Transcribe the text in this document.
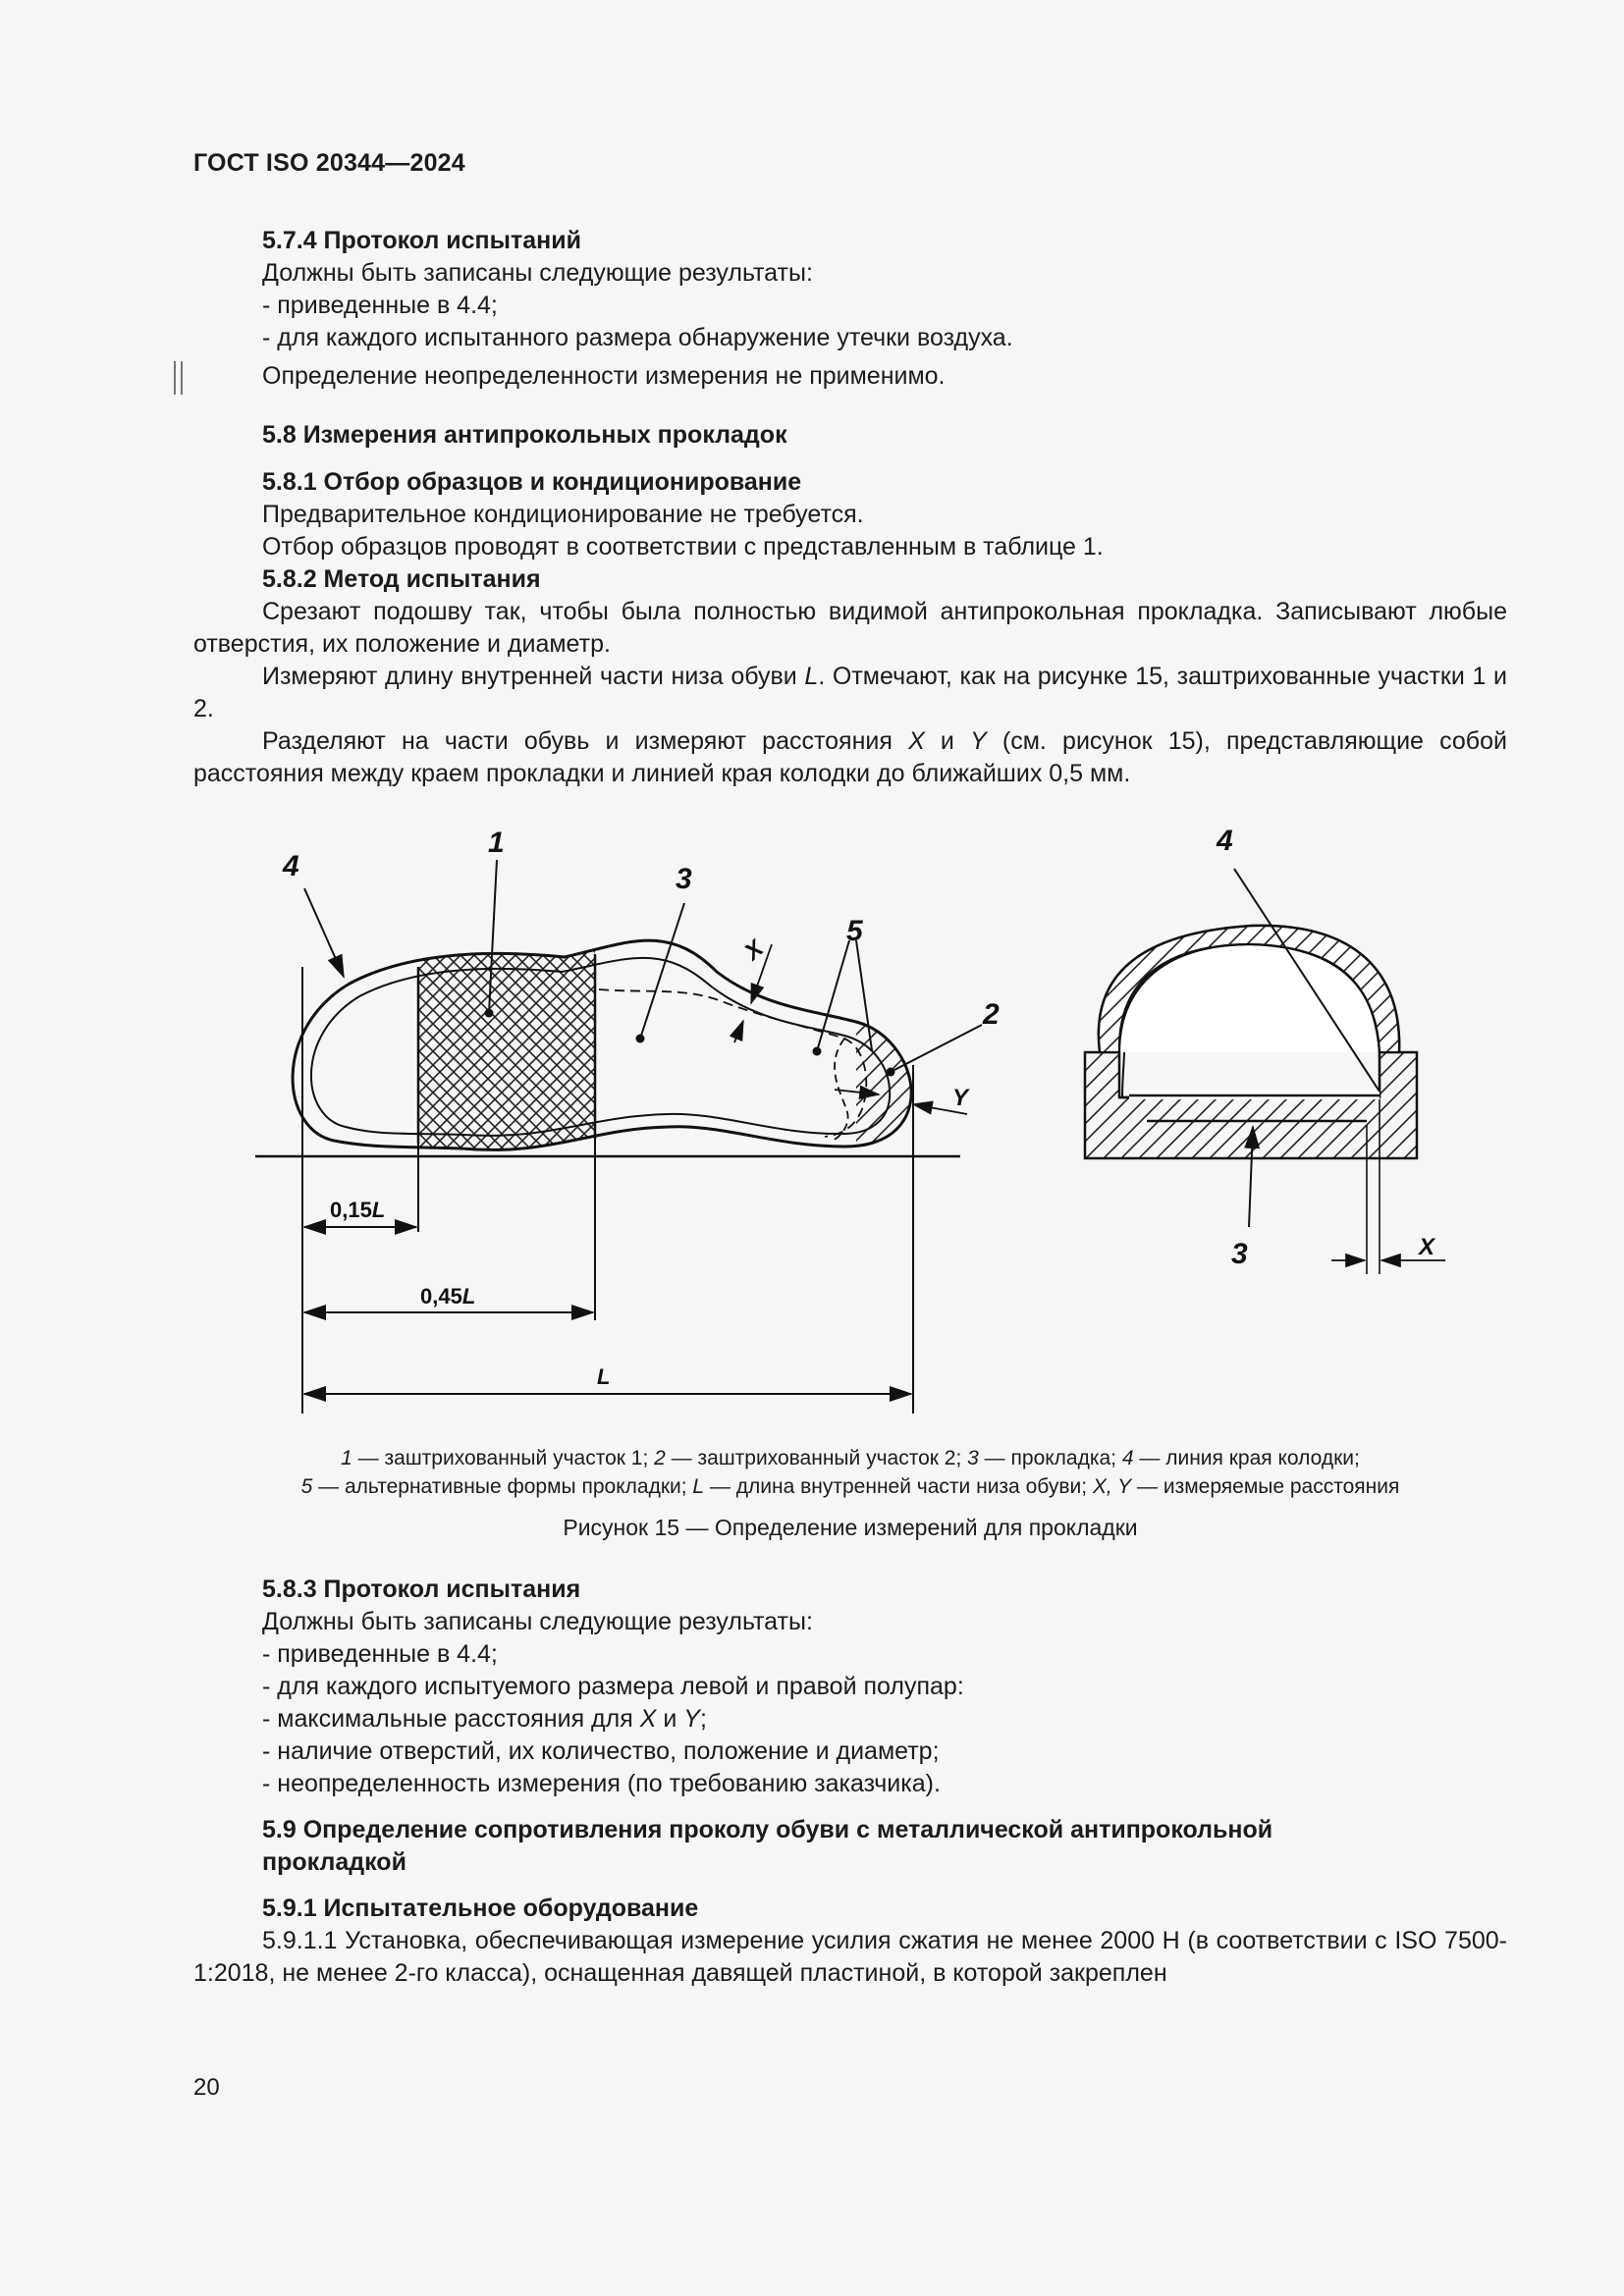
ГОСТ ISO 20344—2024

5.7.4 Протокол испытаний

Должны быть записаны следующие результаты:

- приведенные в 4.4;

- для каждого испытанного размера обнаружение утечки воздуха.

Определение неопределенности измерения не применимо.

5.8 Измерения антипрокольных прокладок

5.8.1 Отбор образцов и кондиционирование

Предварительное кондиционирование не требуется.

Отбор образцов проводят в соответствии с представленным в таблице 1.

5.8.2 Метод испытания

Срезают подошву так, чтобы была полностью видимой антипрокольная прокладка. Записывают любые отверстия, их положение и диаметр.

Измеряют длину внутренней части низа обуви L. Отмечают, как на рисунке 15, заштрихованные участки 1 и 2.

Разделяют на части обувь и измеряют расстояния X и Y (см. рисунок 15), представляющие собой расстояния между краем прокладки и линией края колодки до ближайших 0,5 мм.

4
1
3
5
2
4
3
X
Y
X
0,15L
0,45L
L
1 — заштрихованный участок 1; 2 — заштрихованный участок 2; 3 — прокладка; 4 — линия края колодки;
5 — альтернативные формы прокладки; L — длина внутренней части низа обуви; X, Y — измеряемые расстояния
Рисунок 15 — Определение измерений для прокладки

5.8.3 Протокол испытания

Должны быть записаны следующие результаты:

- приведенные в 4.4;

- для каждого испытуемого размера левой и правой полупар:

- максимальные расстояния для X и Y;

- наличие отверстий, их количество, положение и диаметр;

- неопределенность измерения (по требованию заказчика).

5.9 Определение сопротивления проколу обуви с металлической антипрокольной прокладкой

5.9.1 Испытательное оборудование

5.9.1.1 Установка, обеспечивающая измерение усилия сжатия не менее 2000 Н (в соответствии с ISO 7500-1:2018, не менее 2-го класса), оснащенная давящей пластиной, в которой закреплен

20
